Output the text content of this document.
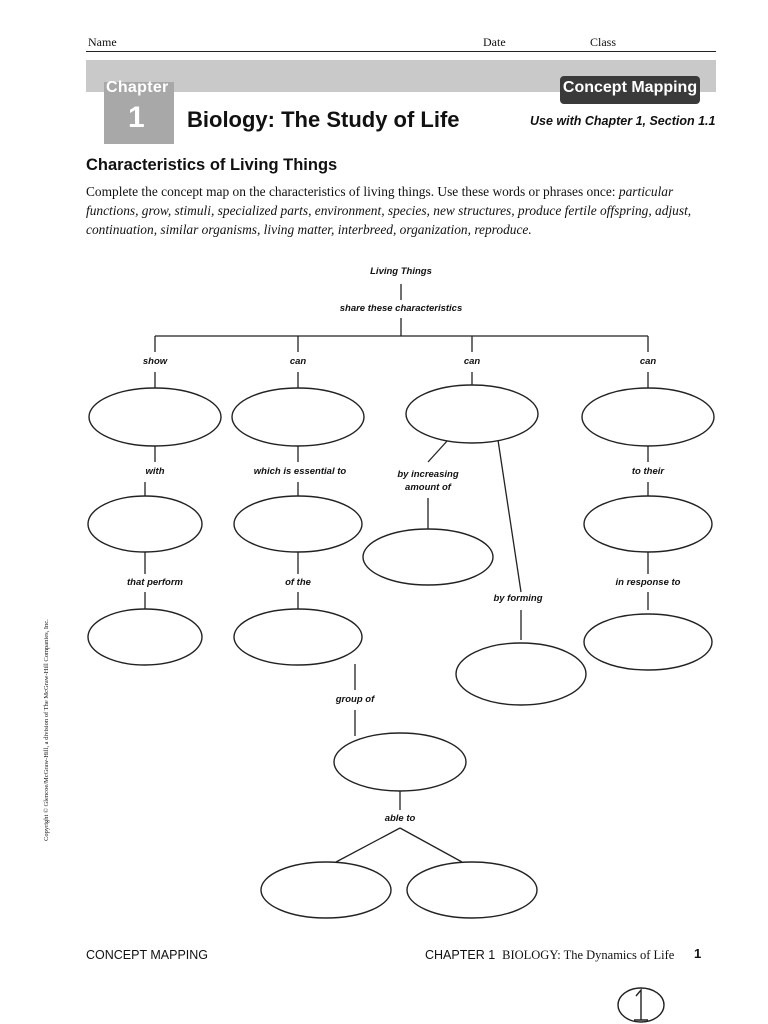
Name	Date	Class
Chapter
1
Concept Mapping
Biology: The Study of Life	Use with Chapter 1, Section 1.1
Characteristics of Living Things
Complete the concept map on the characteristics of living things. Use these words or phrases once: particular functions, grow, stimuli, specialized parts, environment, species, new structures, produce fertile offspring, adjust, continuation, similar organisms, living matter, interbreed, organization, reproduce.
Living Things
share these characteristics
show	can	can	can
with	which is essential to	by increasing
amount of
to their
that perform	of the	in response to
by forming
group of
able to
CONCEPT MAPPING	CHAPTER 1 BIOLOGY: The Dynamics of Life 1
Copyright © Glencoe/McGraw-Hill, a division of The McGraw-Hill Companies, Inc.
